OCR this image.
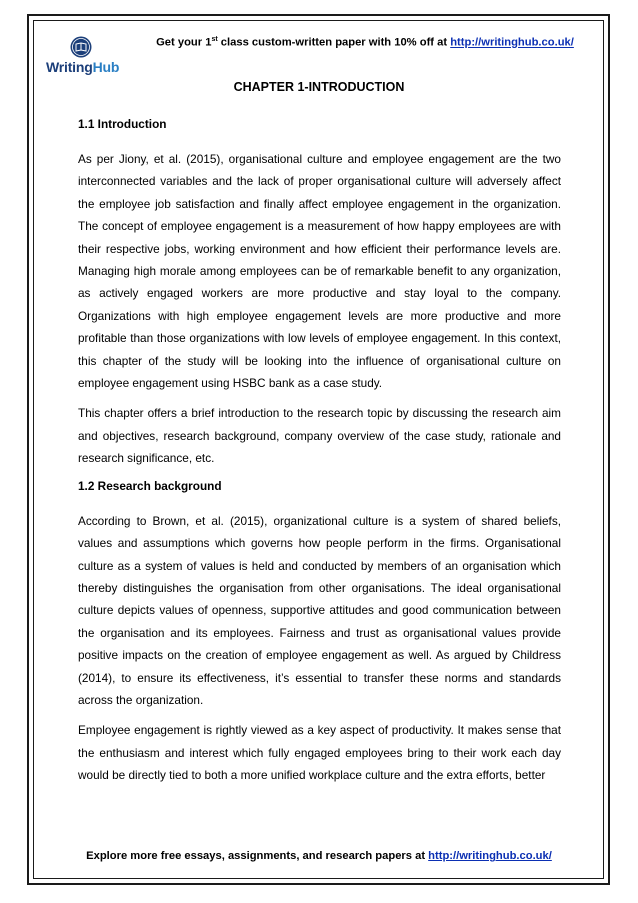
WritingHub
Get your 1st class custom-written paper with 10% off at http://writinghub.co.uk/
CHAPTER 1-INTRODUCTION
1.1 Introduction

As per Jiony, et al. (2015), organisational culture and employee engagement are the two interconnected variables and the lack of proper organisational culture will adversely affect the employee job satisfaction and finally affect employee engagement in the organization. The concept of employee engagement is a measurement of how happy employees are with their respective jobs, working environment and how efficient their performance levels are. Managing high morale among employees can be of remarkable benefit to any organization, as actively engaged workers are more productive and stay loyal to the company. Organizations with high employee engagement levels are more productive and more profitable than those organizations with low levels of employee engagement. In this context, this chapter of the study will be looking into the influence of organisational culture on employee engagement using HSBC bank as a case study.

This chapter offers a brief introduction to the research topic by discussing the research aim and objectives, research background, company overview of the case study, rationale and research significance, etc.

1.2 Research background

According to Brown, et al. (2015), organizational culture is a system of shared beliefs, values and assumptions which governs how people perform in the firms. Organisational culture as a system of values is held and conducted by members of an organisation which thereby distinguishes the organisation from other organisations. The ideal organisational culture depicts values of openness, supportive attitudes and good communication between the organisation and its employees. Fairness and trust as organisational values provide positive impacts on the creation of employee engagement as well. As argued by Childress (2014), to ensure its effectiveness, it’s essential to transfer these norms and standards across the organization.

Employee engagement is rightly viewed as a key aspect of productivity. It makes sense that the enthusiasm and interest which fully engaged employees bring to their work each day would be directly tied to both a more unified workplace culture and the extra efforts, better

Explore more free essays, assignments, and research papers at http://writinghub.co.uk/
